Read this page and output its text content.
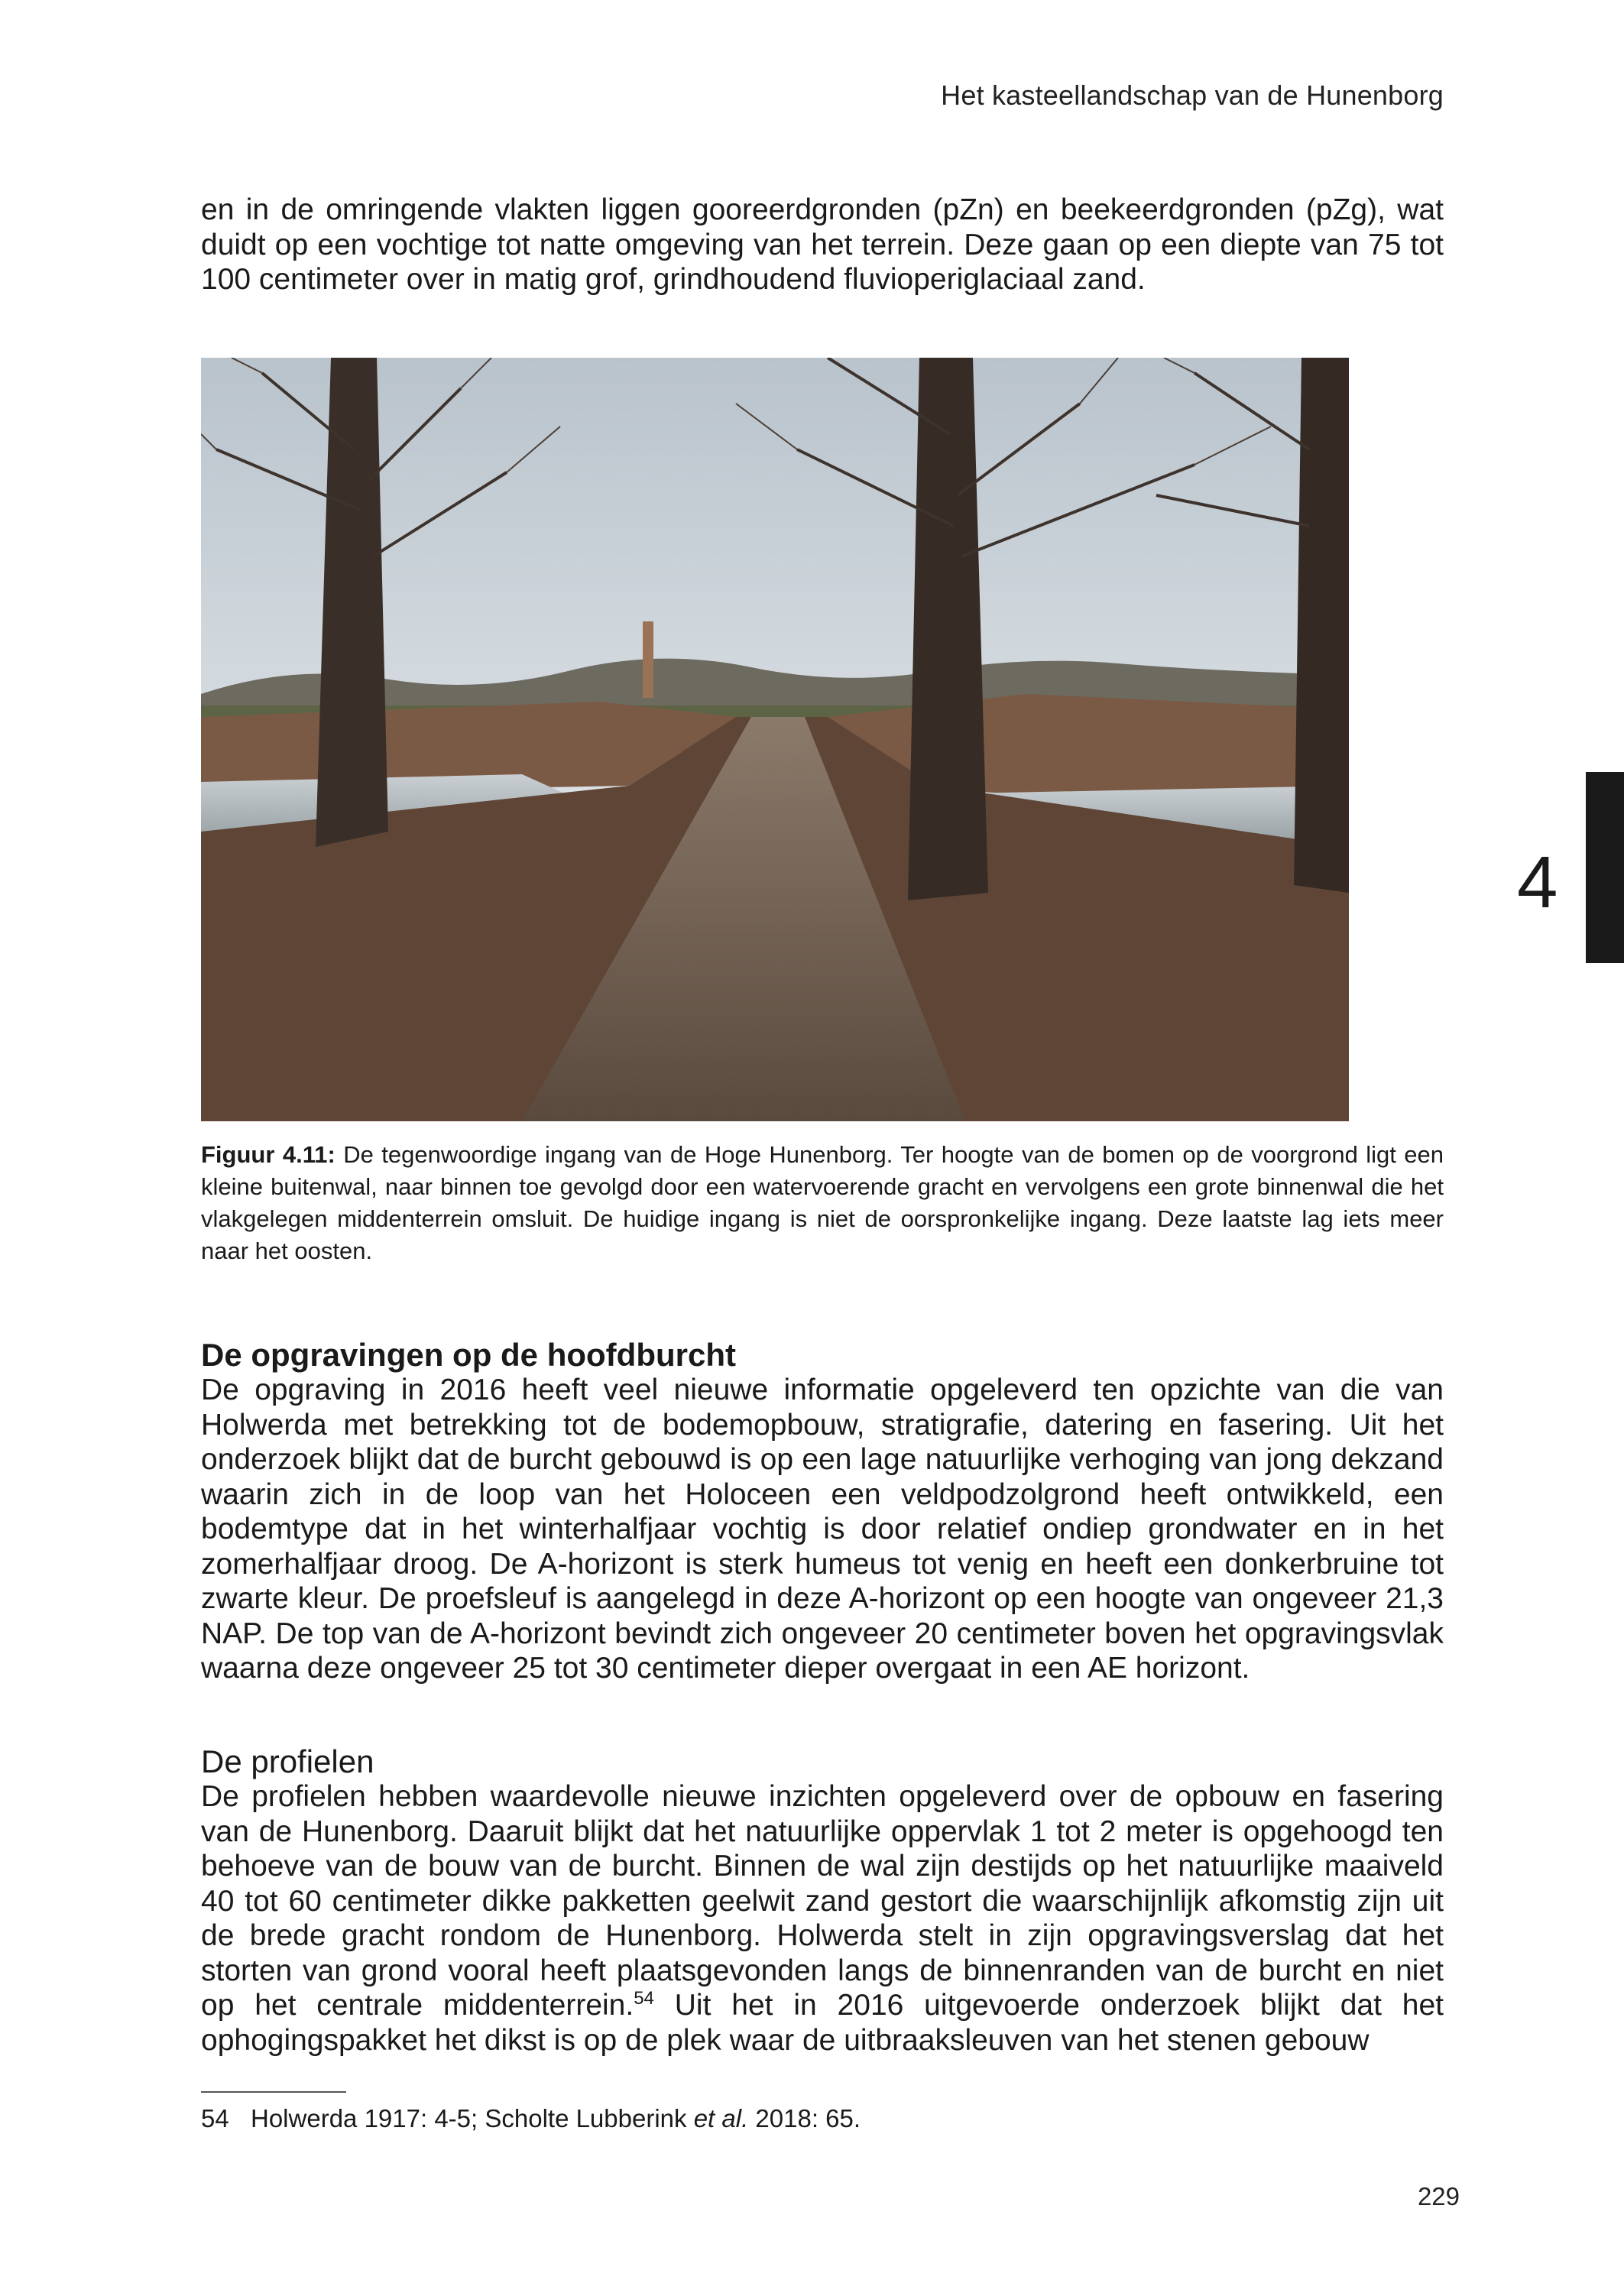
Het kasteellandschap van de Hunenborg

en in de omringende vlakten liggen gooreerdgronden (pZn) en beekeerdgronden (pZg), wat duidt op een vochtige tot natte omgeving van het terrein. Deze gaan op een diepte van 75 tot 100 centimeter over in matig grof, grindhoudend fluvioperiglaciaal zand.

Figuur 4.11: De tegenwoordige ingang van de Hoge Hunenborg. Ter hoogte van de bomen op de voorgrond ligt een kleine buitenwal, naar binnen toe gevolgd door een watervoerende gracht en vervolgens een grote binnenwal die het vlakgelegen middenterrein omsluit. De huidige ingang is niet de oorspronkelijke ingang. Deze laatste lag iets meer naar het oosten.

De opgravingen op de hoofdburcht

De opgraving in 2016 heeft veel nieuwe informatie opgeleverd ten opzichte van die van Holwerda met betrekking tot de bodemopbouw, stratigrafie, datering en fasering. Uit het onderzoek blijkt dat de burcht gebouwd is op een lage natuurlijke verhoging van jong dekzand waarin zich in de loop van het Holoceen een veldpodzolgrond heeft ontwikkeld, een bodemtype dat in het winterhalfjaar vochtig is door relatief ondiep grondwater en in het zomerhalfjaar droog. De A-horizont is sterk humeus tot venig en heeft een donkerbruine tot zwarte kleur. De proefsleuf is aangelegd in deze A-horizont op een hoogte van ongeveer 21,3 NAP. De top van de A-horizont bevindt zich ongeveer 20 centimeter boven het opgravingsvlak waarna deze ongeveer 25 tot 30 centimeter dieper overgaat in een AE horizont.

De profielen

De profielen hebben waardevolle nieuwe inzichten opgeleverd over de opbouw en fasering van de Hunenborg. Daaruit blijkt dat het natuurlijke oppervlak 1 tot 2 meter is opgehoogd ten behoeve van de bouw van de burcht. Binnen de wal zijn destijds op het natuurlijke maaiveld 40 tot 60 centimeter dikke pakketten geelwit zand gestort die waarschijnlijk afkomstig zijn uit de brede gracht rondom de Hunenborg. Holwerda stelt in zijn opgravingsverslag dat het storten van grond vooral heeft plaatsgevonden langs de binnenranden van de burcht en niet op het centrale middenterrein.$^{54}$ Uit het in 2016 uitgevoerde onderzoek blijkt dat het ophogingspakket het dikst is op de plek waar de uitbraaksleuven van het stenen gebouw

54 Holwerda 1917: 4-5; Scholte Lubberink et al. 2018: 65.

4
229
